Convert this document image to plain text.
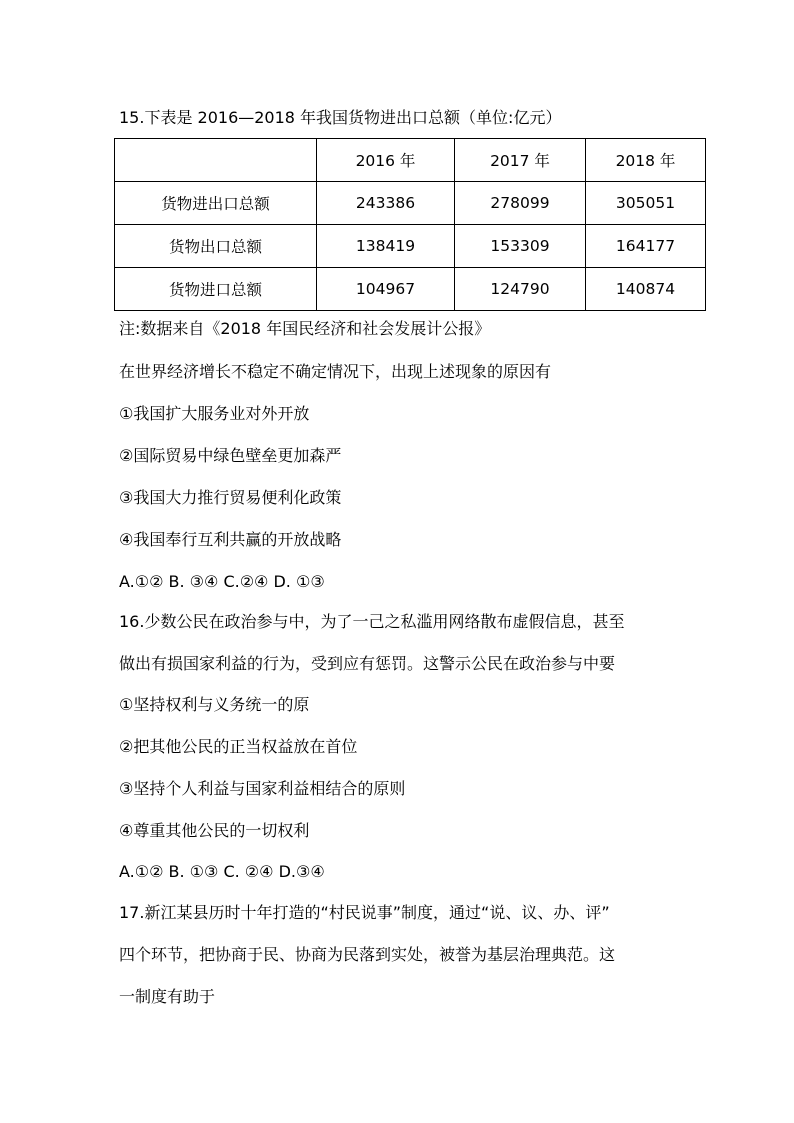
15.下表是 2016—2018 年我国货物进出口总额（单位:亿元）
	2016 年	2017 年	2018 年
货物进出口总额	243386	278099	305051
货物出口总额	138419	153309	164177
货物进口总额	104967	124790	140874
注:数据来自《2018 年国民经济和社会发展计公报》
在世界经济增长不稳定不确定情况下，出现上述现象的原因有
①我国扩大服务业对外开放
②国际贸易中绿色壁垒更加森严
③我国大力推行贸易便利化政策
④我国奉行互利共赢的开放战略
A.①② B. ③④ C.②④ D. ①③
16.少数公民在政治参与中，为了一己之私滥用网络散布虚假信息，甚至
做出有损国家利益的行为，受到应有惩罚。这警示公民在政治参与中要
①坚持权利与义务统一的原
②把其他公民的正当权益放在首位
③坚持个人利益与国家利益相结合的原则
④尊重其他公民的一切权利
A.①② B. ①③ C. ②④ D.③④
17.新江某县历时十年打造的“村民说事”制度，通过“说、议、办、评”
四个环节，把协商于民、协商为民落到实处，被誉为基层治理典范。这
一制度有助于
